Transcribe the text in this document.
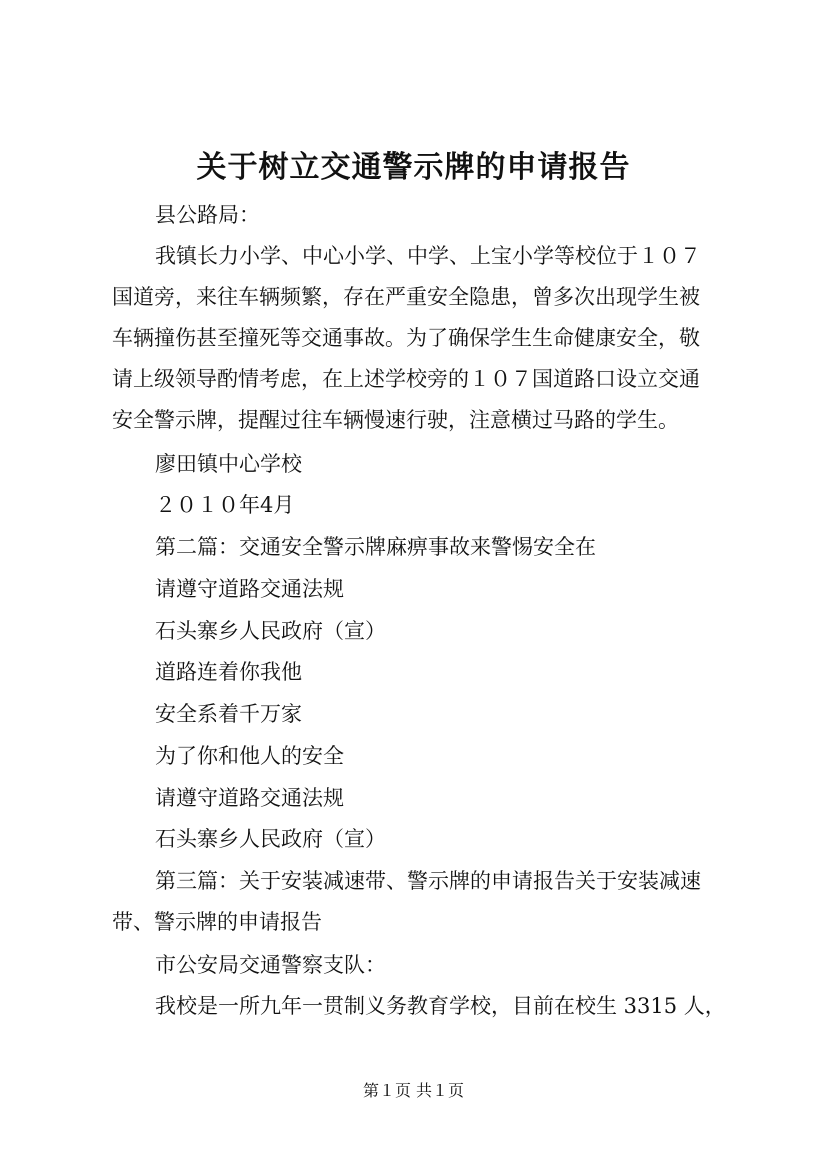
关于树立交通警示牌的申请报告
县公路局：
我镇长力小学、中心小学、中学、上宝小学等校位于１０７
国道旁，来往车辆频繁，存在严重安全隐患，曾多次出现学生被
车辆撞伤甚至撞死等交通事故。为了确保学生生命健康安全，敬
请上级领导酌情考虑，在上述学校旁的１０７国道路口设立交通
安全警示牌，提醒过往车辆慢速行驶，注意横过马路的学生。
廖田镇中心学校
２０１０年4月
第二篇：交通安全警示牌麻痹事故来警惕安全在
请遵守道路交通法规
石头寨乡人民政府（宣）
道路连着你我他
安全系着千万家
为了你和他人的安全
请遵守道路交通法规
石头寨乡人民政府（宣）
第三篇：关于安装减速带、警示牌的申请报告关于安装减速
带、警示牌的申请报告
市公安局交通警察支队：
我校是一所九年一贯制义务教育学校，目前在校生 3315 人，
第１页 共１页
